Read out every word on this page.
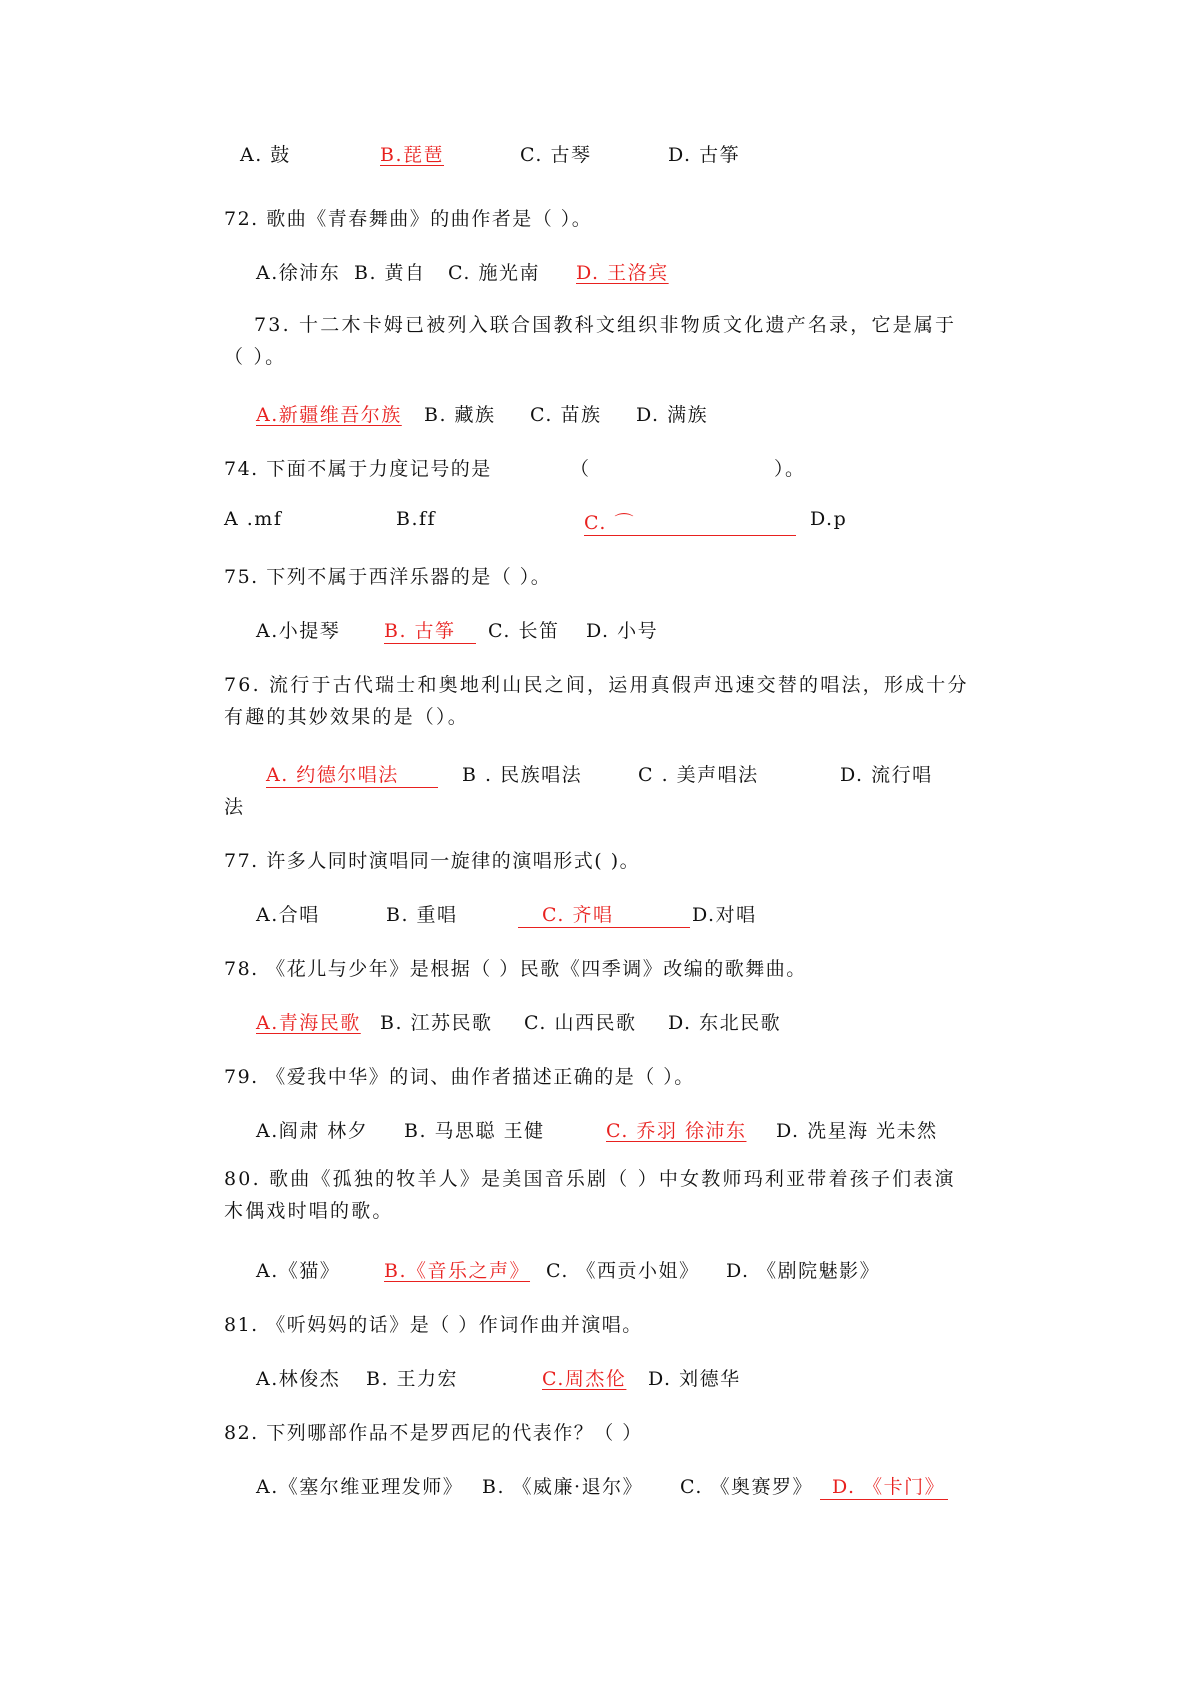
A. 鼓	B.琵琶	C. 古琴	D. 古筝
72. 歌曲《青春舞曲》的曲作者是（ ）。
A.徐沛东 B. 黄自 C. 施光南 D. 王洛宾
73. 十二木卡姆已被列入联合国教科文组织非物质文化遗产名录，它是属于（ ）。
A.新疆维吾尔族 B. 藏族 C. 苗族 D. 满族
74. 下面不属于力度记号的是	（	）。
A .mf	B.ff	C. ⌒	D.p
75. 下列不属于西洋乐器的是（ ）。
A.小提琴 B. 古筝	C. 长笛 D. 小号
76. 流行于古代瑞士和奥地利山民之间，运用真假声迅速交替的唱法，形成十分有趣的其妙效果的是（）。
A. 约德尔唱法	B . 民族唱法	C . 美声唱法	D. 流行唱
法
77. 许多人同时演唱同一旋律的演唱形式( )。
A.合唱	B. 重唱	C. 齐唱	D.对唱
78. 《花儿与少年》是根据（ ）民歌《四季调》改编的歌舞曲。
A.青海民歌 B. 江苏民歌 C. 山西民歌 D. 东北民歌
79. 《爱我中华》的词、曲作者描述正确的是（ ）。
A.阎肃 林夕 B. 马思聪 王健	C. 乔羽 徐沛东 D. 冼星海 光未然
80. 歌曲《孤独的牧羊人》是美国音乐剧（ ）中女教师玛利亚带着孩子们表演木偶戏时唱的歌。
A.《猫》 B.《音乐之声》 C. 《西贡小姐》 D. 《剧院魅影》
81. 《听妈妈的话》是（ ）作词作曲并演唱。
A.林俊杰 B. 王力宏	C.周杰伦 D. 刘德华
82. 下列哪部作品不是罗西尼的代表作？（ ）
A.《塞尔维亚理发师》 B. 《威廉·退尔》 C. 《奥赛罗》	D. 《卡门》
